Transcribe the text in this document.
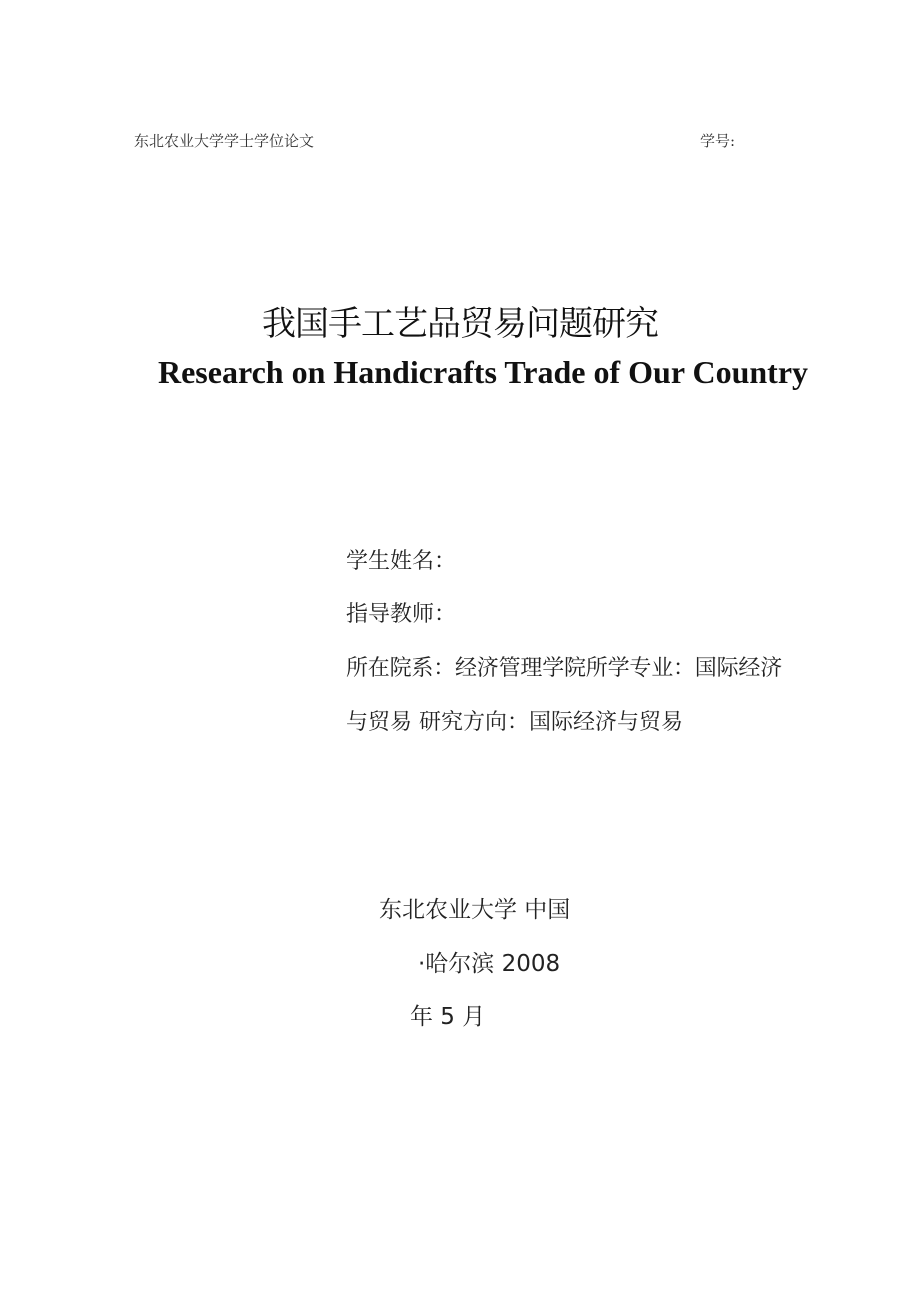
东北农业大学学士学位论文	学号:
我国手工艺品贸易问题研究
Research on Handicrafts Trade of Our Country
学生姓名：
指导教师：
所在院系：经济管理学院所学专业：国际经济
与贸易 研究方向：国际经济与贸易
东北农业大学 中国
·哈尔滨 2008
年 5 月
